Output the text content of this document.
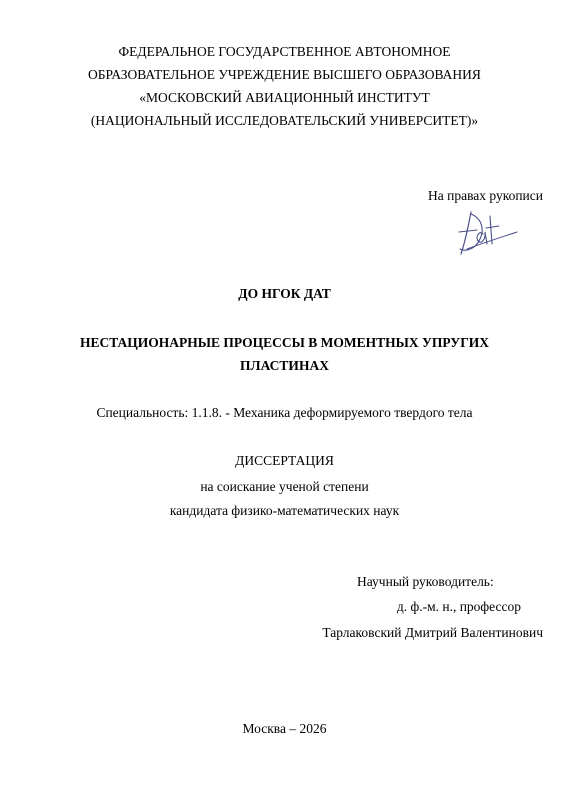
ФЕДЕРАЛЬНОЕ ГОСУДАРСТВЕННОЕ АВТОНОМНОЕ
ОБРАЗОВАТЕЛЬНОЕ УЧРЕЖДЕНИЕ ВЫСШЕГО ОБРАЗОВАНИЯ
«МОСКОВСКИЙ АВИАЦИОННЫЙ ИНСТИТУТ
(НАЦИОНАЛЬНЫЙ ИССЛЕДОВАТЕЛЬСКИЙ УНИВЕРСИТЕТ)»
На правах рукописи
ДО НГОК ДАТ
НЕСТАЦИОНАРНЫЕ ПРОЦЕССЫ В МОМЕНТНЫХ УПРУГИХ
ПЛАСТИНАХ
Специальность: 1.1.8. - Механика деформируемого твердого тела
ДИССЕРТАЦИЯ
на соискание ученой степени
кандидата физико-математических наук
Научный руководитель:
д. ф.-м. н., профессор
Тарлаковский Дмитрий Валентинович
Москва – 2026
